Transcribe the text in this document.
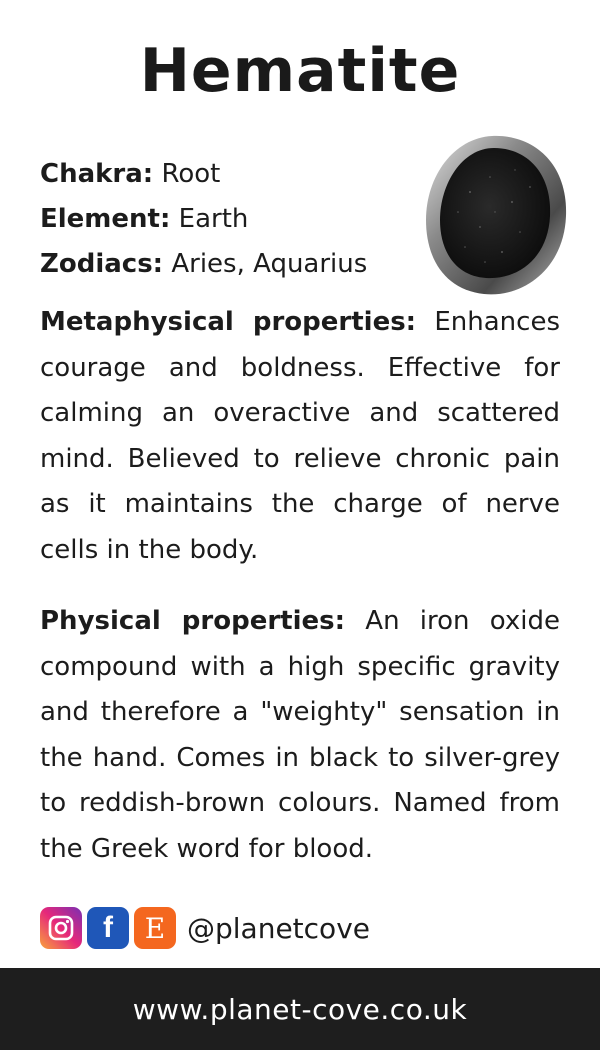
Hematite
Chakra: Root
Element: Earth
Zodiacs: Aries, Aquarius
Metaphysical properties: Enhances courage and boldness. Effective for calming an overactive and scattered mind. Believed to relieve chronic pain as it maintains the charge of nerve cells in the body.
Physical properties: An iron oxide compound with a high specific gravity and therefore a "weighty" sensation in the hand. Comes in black to silver-grey to reddish-brown colours. Named from the Greek word for blood.
f	E @planetcove
www.planet-cove.co.uk
